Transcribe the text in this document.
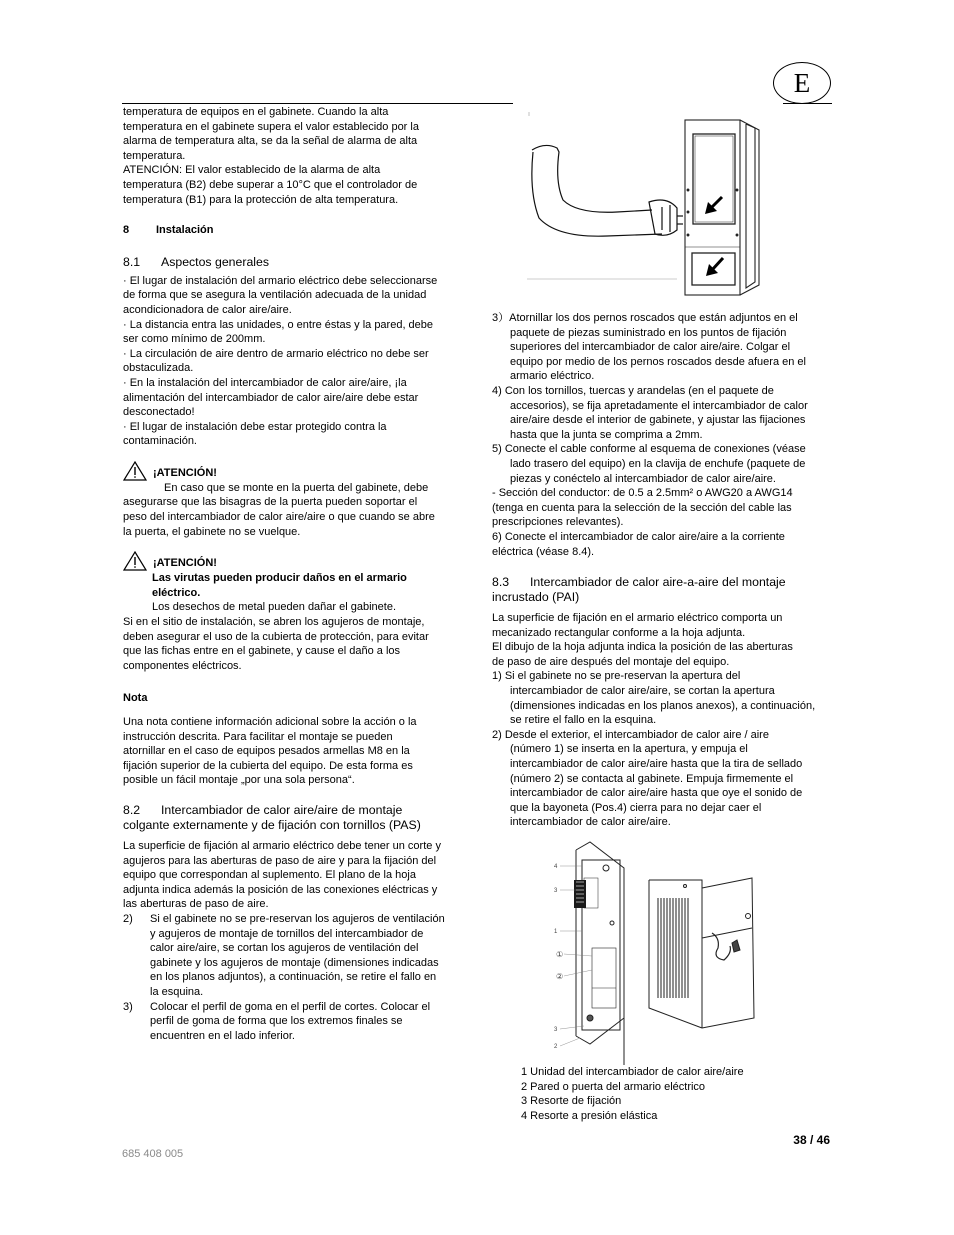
E
temperatura de equipos en el gabinete. Cuando la alta
temperatura en el gabinete supera el valor establecido por la
alarma de temperatura alta, se da la señal de alarma de alta
temperatura.
ATENCIÓN: El valor establecido de la alarma de alta
temperatura (B2) debe superar a 10°C que el controlador de
temperatura (B1) para la protección de alta temperatura.
8	Instalación
8.1	Aspectos generales
· El lugar de instalación del armario eléctrico debe seleccionarse
de forma que se asegura la ventilación adecuada de la unidad
acondicionadora de calor aire/aire.
· La distancia entra las unidades, o entre éstas y la pared, debe
ser como mínimo de 200mm.
· La circulación de aire dentro de armario eléctrico no debe ser
obstaculizada.
· En la instalación del intercambiador de calor aire/aire, ¡la
alimentación del intercambiador de calor aire/aire debe estar
desconectado!
· El lugar de instalación debe estar protegido contra la
contaminación.
¡ATENCIÓN!
En caso que se monte en la puerta del gabinete, debe
asegurarse que las bisagras de la puerta pueden soportar el
peso del intercambiador de calor aire/aire o que cuando se abre
la puerta, el gabinete no se vuelque.
¡ATENCIÓN!
Las virutas pueden producir daños en el armario
eléctrico.
Los desechos de metal pueden dañar el gabinete.
Si en el sitio de instalación, se abren los agujeros de montaje,
deben asegurar el uso de la cubierta de protección, para evitar
que las fichas entre en el gabinete, y cause el daño a los
componentes eléctricos.
Nota
Una nota contiene información adicional sobre la acción o la
instrucción descrita. Para facilitar el montaje se pueden
atornillar en el caso de equipos pesados armellas M8 en la
fijación superior de la cubierta del equipo. De esta forma es
posible un fácil montaje „por una sola persona“.
8.2	Intercambiador de calor aire/aire de montaje
colgante externamente y de fijación con tornillos (PAS)
La superficie de fijación al armario eléctrico debe tener un corte y
agujeros para las aberturas de paso de aire y para la fijación del
equipo que correspondan al suplemento. El plano de la hoja
adjunta indica además la posición de las conexiones eléctricas y
las aberturas de paso de aire.
2)	Si el gabinete no se pre-reservan los agujeros de ventilación
y agujeros de montaje de tornillos del intercambiador de
calor aire/aire, se cortan los agujeros de ventilación del
gabinete y los agujeros de montaje (dimensiones indicadas
en los planos adjuntos), a continuación, se retire el fallo en
la esquina.
3)	Colocar el perfil de goma en el perfil de cortes. Colocar el
perfil de goma de forma que los extremos finales se
encuentren en el lado inferior.
3）Atornillar los dos pernos roscados que están adjuntos en el
paquete de piezas suministrado en los puntos de fijación
superiores del intercambiador de calor aire/aire. Colgar el
equipo por medio de los pernos roscados desde afuera en el
armario eléctrico.
4) Con los tornillos, tuercas y arandelas (en el paquete de
accesorios), se fija apretadamente el intercambiador de calor
aire/aire desde el interior de gabinete, y ajustar las fijaciones
hasta que la junta se comprima a 2mm.
5) Conecte el cable conforme al esquema de conexiones (véase
lado trasero del equipo) en la clavija de enchufe (paquete de
piezas y conéctelo al intercambiador de calor aire/aire.
- Sección del conductor: de 0.5 a 2.5mm² o AWG20 a AWG14
(tenga en cuenta para la selección de la sección del cable las
prescripciones relevantes).
6) Conecte el intercambiador de calor aire/aire a la corriente
eléctrica (véase 8.4).
8.3	Intercambiador de calor aire-a-aire del montaje
incrustado (PAI)
La superficie de fijación en el armario eléctrico comporta un
mecanizado rectangular conforme a la hoja adjunta.
El dibujo de la hoja adjunta indica la posición de las aberturas
de paso de aire después del montaje del equipo.
1) Si el gabinete no se pre-reservan la apertura del
intercambiador de calor aire/aire, se cortan la apertura
(dimensiones indicadas en los planos anexos), a continuación,
se retire el fallo en la esquina.
2) Desde el exterior, el intercambiador de calor aire / aire
(número 1) se inserta en la apertura, y empuja el
intercambiador de calor aire/aire hasta que la tira de sellado
(número 2) se contacta al gabinete. Empuja firmemente el
intercambiador de calor aire/aire hasta que oye el sonido de
que la bayoneta (Pos.4) cierra para no dejar caer el
intercambiador de calor aire/aire.
4
3
1
①
②
3
2
1 Unidad del intercambiador de calor aire/aire
2 Pared o puerta del armario eléctrico
3 Resorte de fijación
4 Resorte a presión elástica
38 / 46
685 408 005
